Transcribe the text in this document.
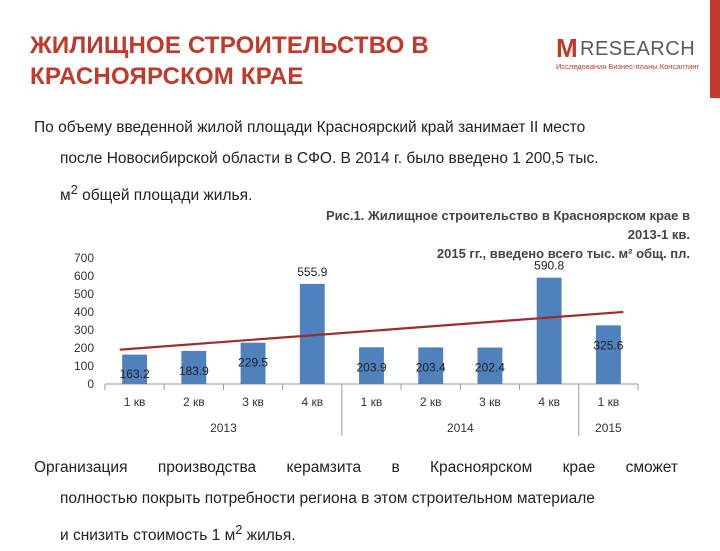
ЖИЛИЩНОЕ СТРОИТЕЛЬСТВО В
КРАСНОЯРСКОМ КРАЕ
M RESEARCH
Исследования Бизнес-планы Консалтинг

По объему введенной жилой площади Красноярский край занимает II место

после Новосибирской области в СФО. В 2014 г. было введено 1 200,5 тыс.

$м^2$ общей площади жилья.

Рис.1. Жилищное строительство в Красноярском крае в 2013-1 кв.
2015 гг., введено всего тыс. м² общ. пл.
0
100
200
300
400
500
600
700
163.2 183.9
229.5
555.9
203.9 203.4 202.4
590.8
325.6
1 кв	2 кв	3 кв	4 кв	1 кв	2 кв	3 кв	4 кв	1 кв
2013	2014	2015

Организация производства керамзита в Красноярском крае сможет

полностью покрыть потребности региона в этом строительном материале

и снизить стоимость 1 $м^2$ жилья.
